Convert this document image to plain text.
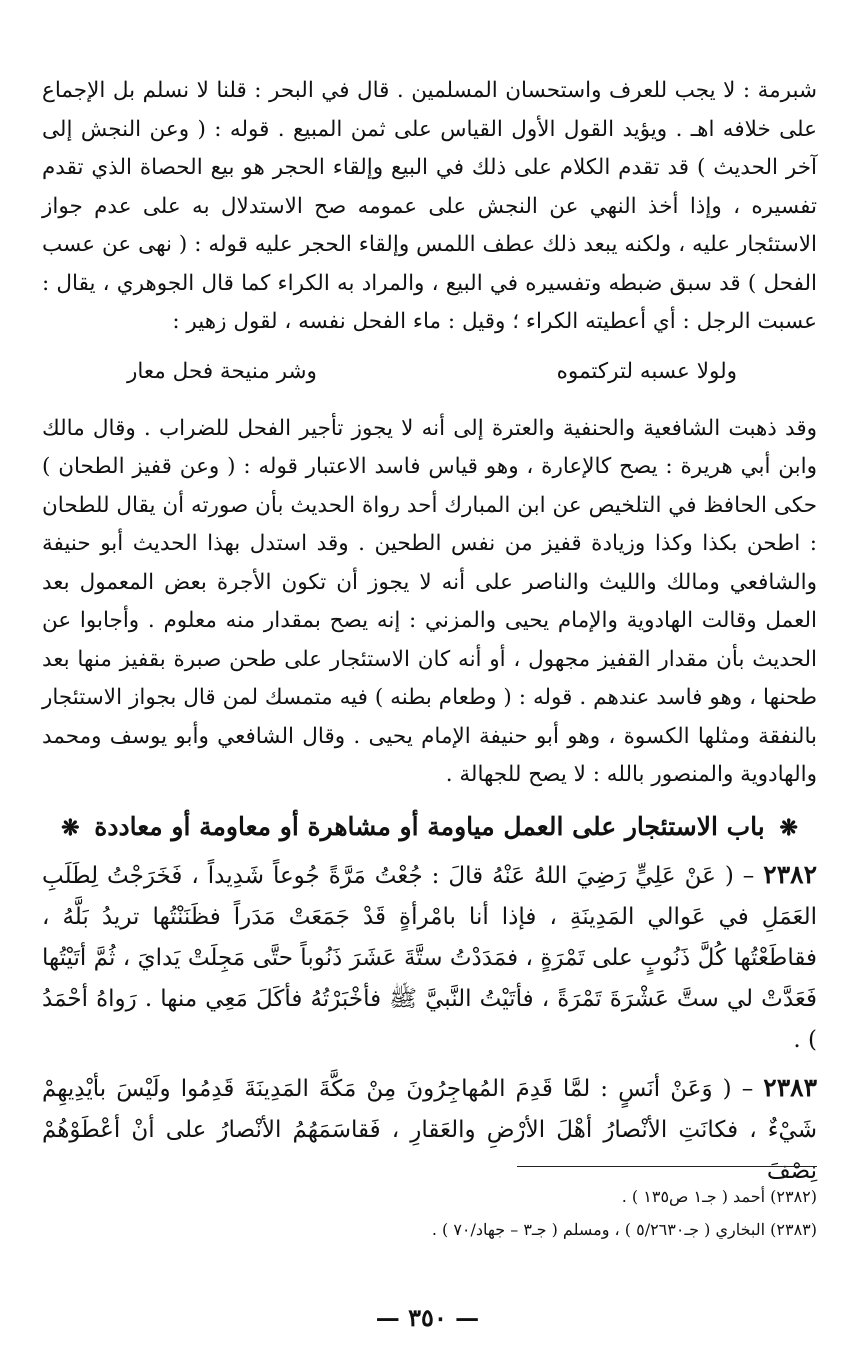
شبرمة : لا يجب للعرف واستحسان المسلمين . قال في البحر : قلنا لا نسلم بل الإجماع على خلافه اهـ . ويؤيد القول الأول القياس على ثمن المبيع . قوله : ( وعن النجش إلى آخر الحديث ) قد تقدم الكلام على ذلك في البيع وإلقاء الحجر هو بيع الحصاة الذي تقدم تفسيره ، وإذا أخذ النهي عن النجش على عمومه صح الاستدلال به على عدم جواز الاستئجار عليه ، ولكنه يبعد ذلك عطف اللمس وإلقاء الحجر عليه قوله : ( نهى عن عسب الفحل ) قد سبق ضبطه وتفسيره في البيع ، والمراد به الكراء كما قال الجوهري ، يقال : عسبت الرجل : أي أعطيته الكراء ؛ وقيل : ماء الفحل نفسه ، لقول زهير :

ولولا عسبه لتركتموه
وشر منيحة فحل معار

وقد ذهبت الشافعية والحنفية والعترة إلى أنه لا يجوز تأجير الفحل للضراب . وقال مالك وابن أبي هريرة : يصح كالإعارة ، وهو قياس فاسد الاعتبار قوله : ( وعن قفيز الطحان ) حكى الحافظ في التلخيص عن ابن المبارك أحد رواة الحديث بأن صورته أن يقال للطحان : اطحن بكذا وكذا وزيادة قفيز من نفس الطحين . وقد استدل بهذا الحديث أبو حنيفة والشافعي ومالك والليث والناصر على أنه لا يجوز أن تكون الأجرة بعض المعمول بعد العمل وقالت الهادوية والإمام يحيى والمزني : إنه يصح بمقدار منه معلوم . وأجابوا عن الحديث بأن مقدار القفيز مجهول ، أو أنه كان الاستئجار على طحن صبرة بقفيز منها بعد طحنها ، وهو فاسد عندهم . قوله : ( وطعام بطنه ) فيه متمسك لمن قال بجواز الاستئجار بالنفقة ومثلها الكسوة ، وهو أبو حنيفة الإمام يحيى . وقال الشافعي وأبو يوسف ومحمد والهادوية والمنصور بالله : لا يصح للجهالة .

❋ باب الاستئجار على العمل مياومة أو مشاهرة أو معاومة أو معاددة ❋

٢٣٨٢ – ( عَنْ عَلِيٍّ رَضِيَ اللهُ عَنْهُ قالَ : جُعْتُ مَرَّةً جُوعاً شَدِيداً ، فَخَرَجْتُ لِطَلَبِ العَمَلِ في عَوالي المَدِينَةِ ، فإذا أنا بامْرأةٍ قَدْ جَمَعَتْ مَدَراً فظَنَنْتُها تريدُ بَلَّهُ ، فقاطَعْتُها كُلَّ ذَنُوبٍ على تَمْرَةٍ ، فمَدَدْتُ ستَّةَ عَشَرَ ذَنُوباً حتَّى مَجِلَتْ يَدايَ ، ثُمَّ أتَيْتُها فَعَدَّتْ لي ستَّ عَشْرَةَ تَمْرَةً ، فأتَيْتُ النَّبيَّ ﷺ فأخْبَرْتُهُ فأكَلَ مَعِي منها . رَواهُ أحْمَدُ ) .

٢٣٨٣ – ( وَعَنْ أنَسٍ : لمَّا قَدِمَ المُهاجِرُونَ مِنْ مَكَّةَ المَدِينَةَ قَدِمُوا ولَيْسَ بأيْدِيهِمْ شَيْءٌ ، فكانَتِ الأنْصارُ أهْلَ الأرْضِ والعَقارِ ، فَقاسَمَهُمُ الأنْصارُ على أنْ أعْطَوْهُمْ نِصْفَ

(٢٣٨٢) أحمد ( جـ١ ص١٣٥ ) .
(٢٣٨٣) البخاري ( جـ٥/٢٦٣٠ ) ، ومسلم ( جـ٣ – جهاد/٧٠ ) .
— ٣٥٠ —
